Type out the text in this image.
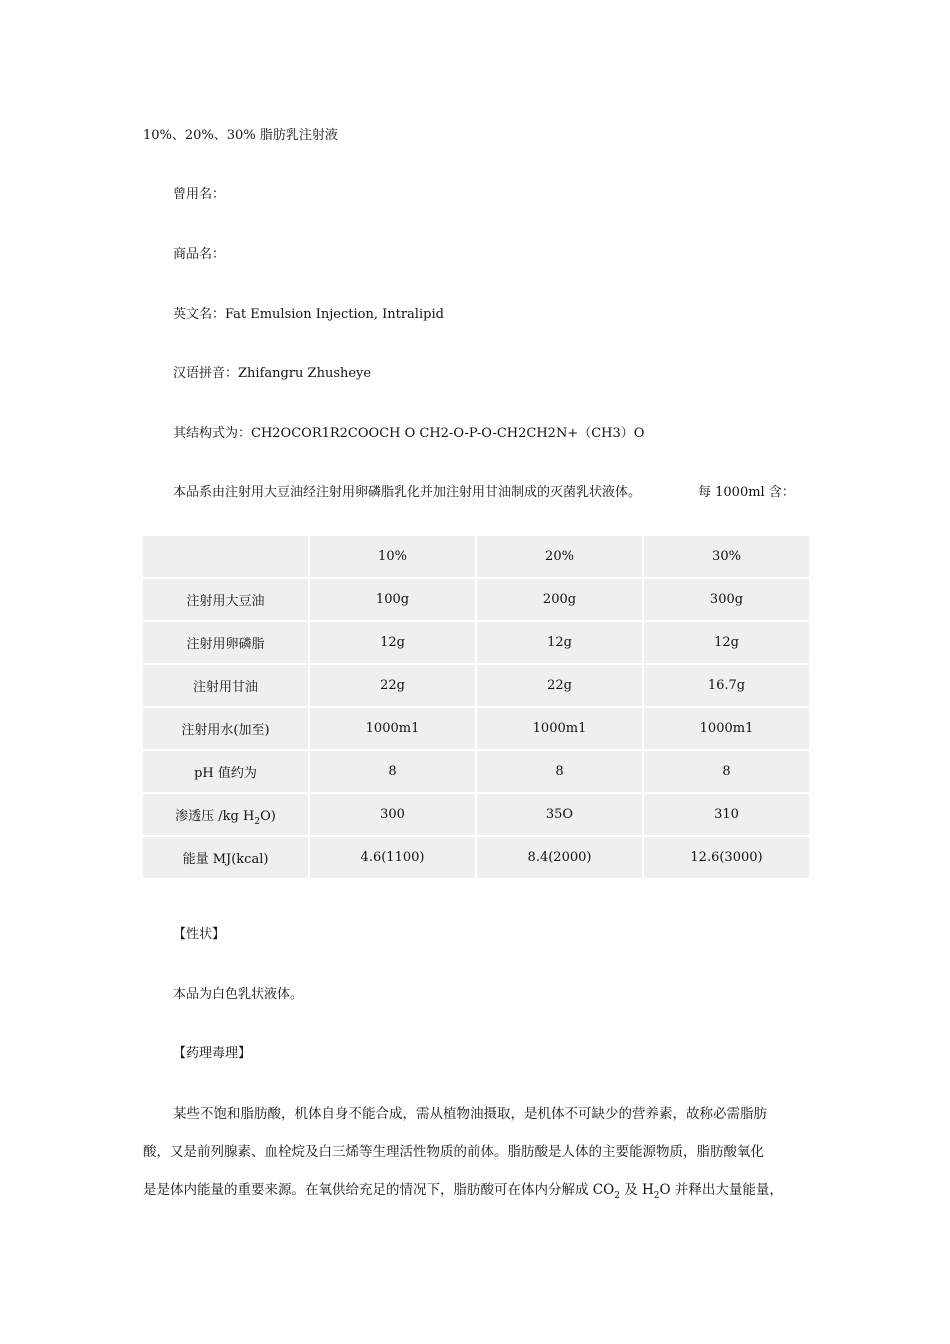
10%、20%、30% 脂肪乳注射液
曾用名：
商品名：
英文名：Fat Emulsion Injection, Intralipid
汉语拼音：Zhifangru Zhusheye
其结构式为：CH2OCOR1R2COOCH O CH2-O-P-O-CH2CH2N+（CH3）O
本品系由注射用大豆油经注射用卵磷脂乳化并加注射用甘油制成的灭菌乳状液体。	每 1000ml 含：
	10%	20%	30%
注射用大豆油	100g	200g	300g
注射用卵磷脂	12g	12g	12g
注射用甘油	22g	22g	16.7g
注射用水(加至)	1000m1	1000m1	1000m1
pH 值约为	8	8	8
渗透压 /kg $H_2O$)	300	35O	310
能量 MJ(kcal)	4.6(1100)	8.4(2000)	12.6(3000)
【性状】
本品为白色乳状液体。
【药理毒理】
某些不饱和脂肪酸，机体自身不能合成，需从植物油摄取，是机体不可缺少的营养素，故称必需脂肪
酸，又是前列腺素、血栓烷及白三烯等生理活性物质的前体。脂肪酸是人体的主要能源物质，脂肪酸氧化
是是体内能量的重要来源。在氧供给充足的情况下，脂肪酸可在体内分解成 $CO_2$ 及 $H_2O$ 并释出大量能量，
